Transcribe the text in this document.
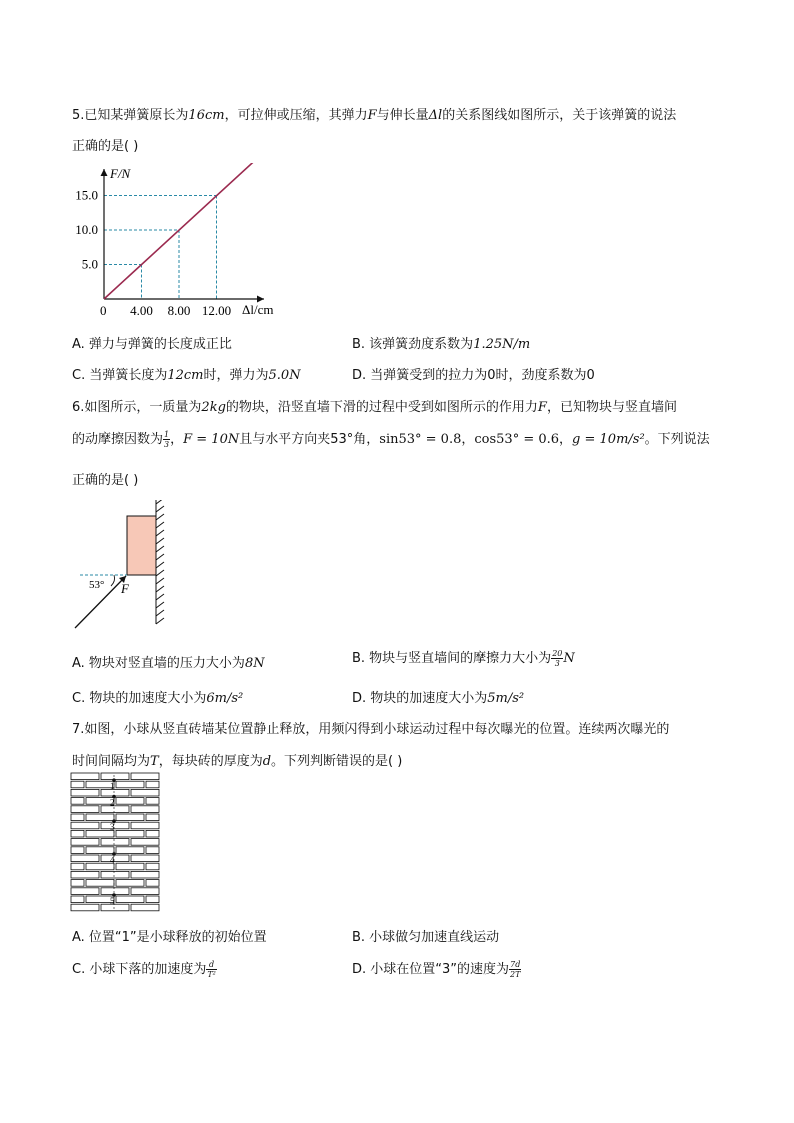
5.已知某弹簧原长为16cm，可拉伸或压缩，其弹力F与伸长量Δl的关系图线如图所示，关于该弹簧的说法
正确的是( )
F/N
Δl/cm
0
5.0
10.0
15.0
4.00 8.00 12.00
A. 弹力与弹簧的长度成正比	B. 该弹簧劲度系数为1.25N/m
C. 当弹簧长度为12cm时，弹力为5.0N	D. 当弹簧受到的拉力为0时，劲度系数为0
6.如图所示，一质量为2kg的物块，沿竖直墙下滑的过程中受到如图所示的作用力F，已知物块与竖直墙间
的动摩擦因数为 $\frac{1}{3}$ ，F = 10N且与水平方向夹53°角，sin53° = 0.8，cos53° = 0.6，g = 10m/s²。下列说法
正确的是( )
53° F
A. 物块对竖直墙的压力大小为8N	B. 物块与竖直墙间的摩擦力大小为 $\frac{20}{3}$ N
C. 物块的加速度大小为6m/s²	D. 物块的加速度大小为5m/s²
7.如图，小球从竖直砖墙某位置静止释放，用频闪得到小球运动过程中每次曝光的位置。连续两次曝光的
时间间隔均为T，每块砖的厚度为d。下列判断错误的是( )
1
2
3
4
5
A. 位置“1”是小球释放的初始位置	B. 小球做匀加速直线运动
C. 小球下落的加速度为 $\frac{d}{\text{T²}}$	D. 小球在位置“3”的速度为 $\frac{7d}{2T}$
